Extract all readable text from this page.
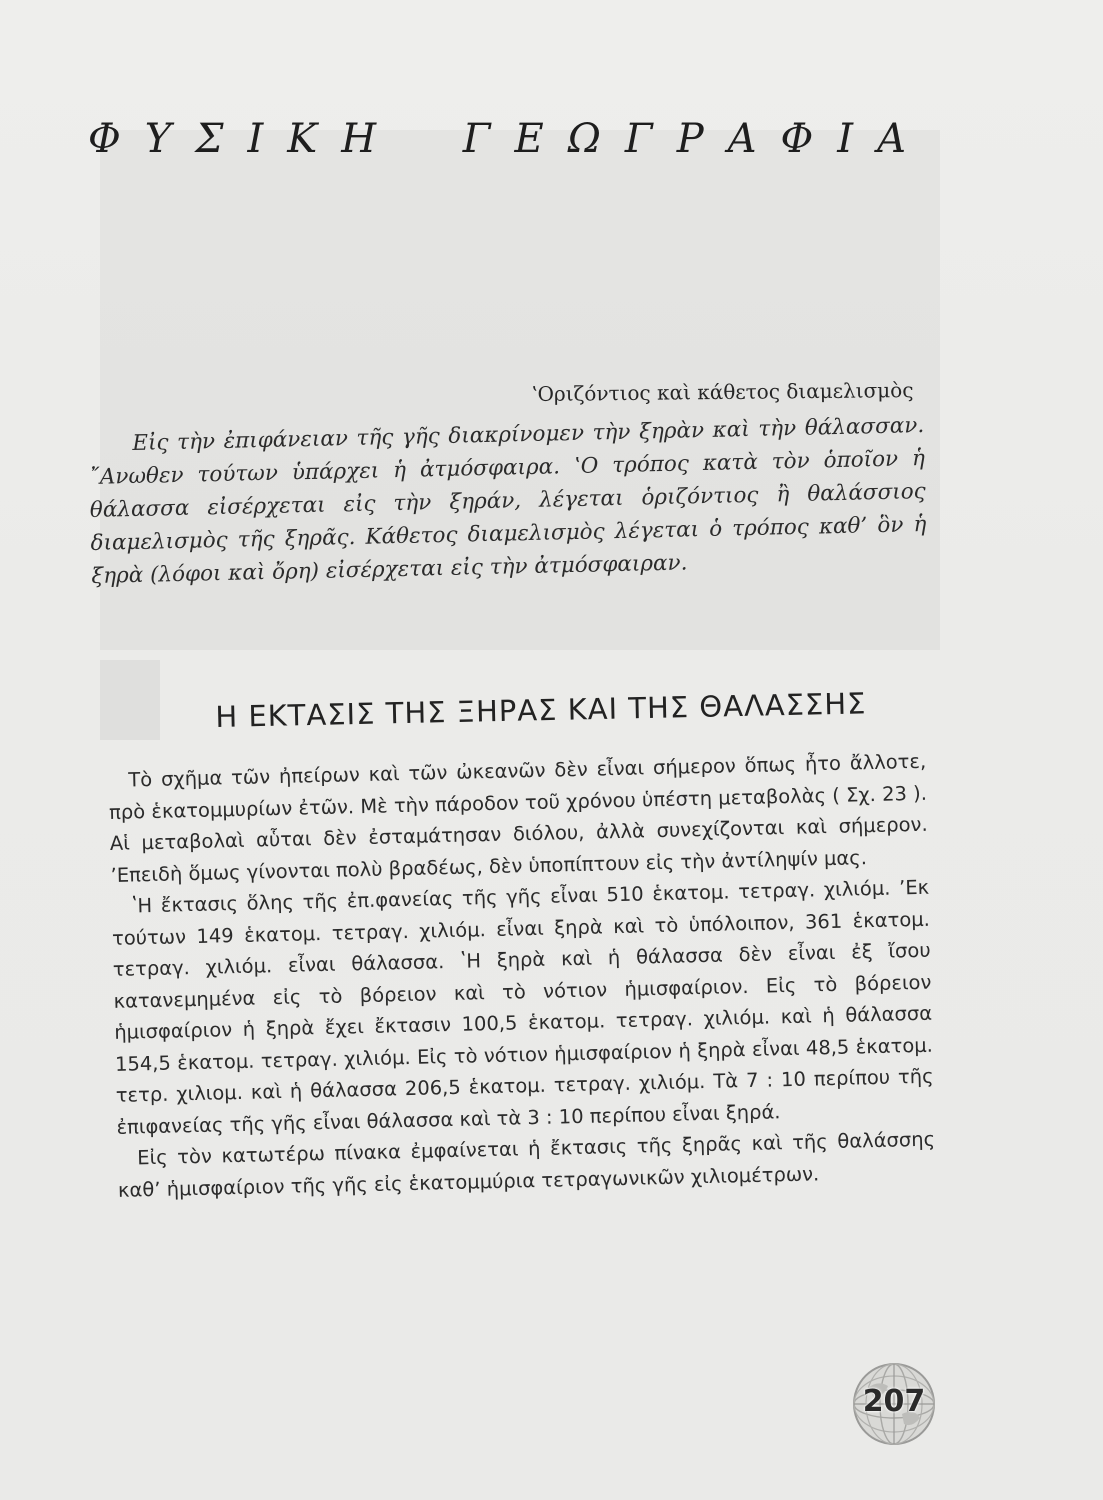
Φ Υ Σ Ι Κ Η Γ Ε Ω Γ Ρ Α Φ Ι Α
ʽΟριζόντιος καὶ κάθετος διαμελισμὸς

Εἰς τὴν ἐπιφάνειαν τῆς γῆς διακρίνομεν τὴν ξηρὰν καὶ τὴν θάλασσαν. ῎Ανωθεν τούτων ὑπάρχει ἡ ἀτμόσφαιρα. ʽΟ τρόπος κατὰ τὸν ὁποῖον ἡ θάλασσα εἰσέρχεται εἰς τὴν ξηράν, λέγεται ὁριζόντιος ἢ θαλάσσιος διαμελισμὸς τῆς ξηρᾶς. Κάθετος διαμελισμὸς λέγεται ὁ τρόπος καθ’ ὃν ἡ ξηρὰ (λόφοι καὶ ὄρη) εἰσέρχεται εἰς τὴν ἀτμόσφαιραν.

Η ΕΚΤΑΣΙΣ ΤΗΣ ΞΗΡΑΣ ΚΑΙ ΤΗΣ ΘΑΛΑΣΣΗΣ

Τὸ σχῆμα τῶν ἠπείρων καὶ τῶν ὠκεανῶν δὲν εἶναι σήμερον ὅπως ἦτο ἄλλοτε, πρὸ ἑκατομμυρίων ἐτῶν. Μὲ τὴν πάροδον τοῦ χρόνου ὑπέστη μεταβολὰς ( Σχ. 23 ). Αἱ μεταβολαὶ αὗται δὲν ἐσταμάτησαν διόλου, ἀλλὰ συνεχίζονται καὶ σήμερον. ʼΕπειδὴ ὅμως γίνονται πολὺ βραδέως, δὲν ὑποπίπτουν εἰς τὴν ἀντίληψίν μας.

ʽΗ ἔκτασις ὅλης τῆς ἐπ.φανείας τῆς γῆς εἶναι 510 ἑκατομ. τετραγ. χιλιόμ. ʼΕκ τούτων 149 ἑκατομ. τετραγ. χιλιόμ. εἶναι ξηρὰ καὶ τὸ ὑπόλοιπον, 361 ἑκατομ. τετραγ. χιλιόμ. εἶναι θάλασσα. ʽΗ ξηρὰ καὶ ἡ θάλασσα δὲν εἶναι ἐξ ἴσου κατανεμημένα εἰς τὸ βόρειον καὶ τὸ νότιον ἡμισφαίριον. Εἰς τὸ βόρειον ἡμισφαίριον ἡ ξηρὰ ἔχει ἔκτασιν 100,5 ἑκατομ. τετραγ. χιλιόμ. καὶ ἡ θάλασσα 154,5 ἑκατομ. τετραγ. χιλιόμ. Εἰς τὸ νότιον ἡμισφαίριον ἡ ξηρὰ εἶναι 48,5 ἑκατομ. τετρ. χιλιομ. καὶ ἡ θάλασσα 206,5 ἑκατομ. τετραγ. χιλιόμ. Τὰ 7 : 10 περίπου τῆς ἐπιφανείας τῆς γῆς εἶναι θάλασσα καὶ τὰ 3 : 10 περίπου εἶναι ξηρά.

Εἰς τὸν κατωτέρω πίνακα ἐμφαίνεται ἡ ἔκτασις τῆς ξηρᾶς καὶ τῆς θαλάσσης καθ’ ἡμισφαίριον τῆς γῆς εἰς ἑκατομμύρια τετραγωνικῶν χιλιομέτρων.

207
